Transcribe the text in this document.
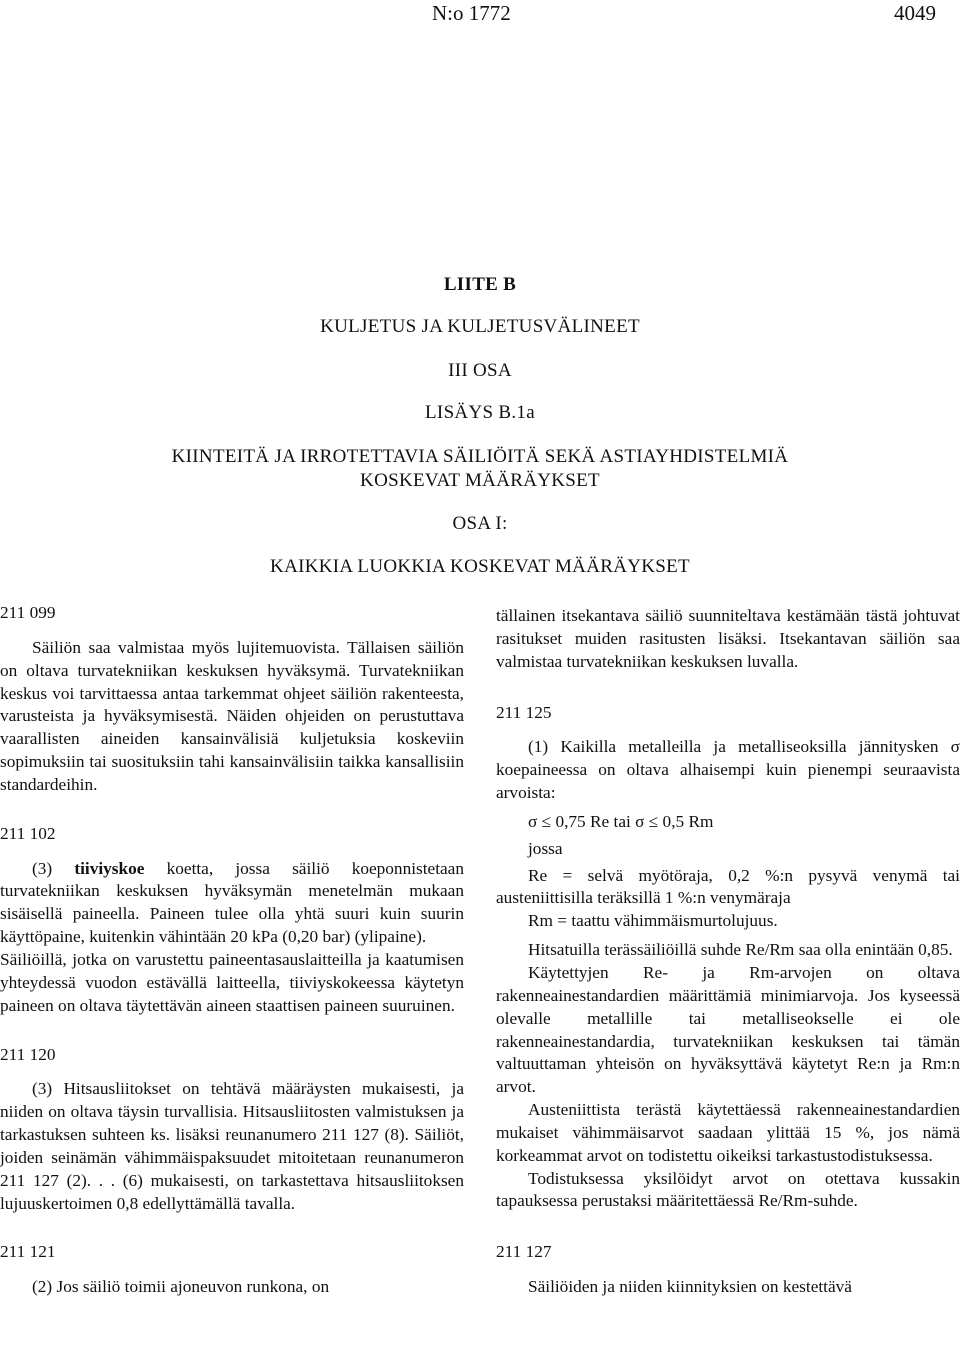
N:o 1772	4049
LIITE B
KULJETUS JA KULJETUSVÄLINEET
III OSA
LISÄYS B.1a
KIINTEITÄ JA IRROTETTAVIA SÄILIÖITÄ SEKÄ ASTIAYHDISTELMIÄ
KOSKEVAT MÄÄRÄYKSET
OSA I:
KAIKKIA LUOKKIA KOSKEVAT MÄÄRÄYKSET

211 099

Säiliön saa valmistaa myös lujitemuovista. Tällaisen säiliön on oltava turvatekniikan keskuksen hyväksymä. Turvatekniikan keskus voi tarvittaessa antaa tarkemmat ohjeet säiliön rakenteesta, varusteista ja hyväksymisestä. Näiden ohjeiden on perustuttava vaarallisten aineiden kansainvälisiä kuljetuksia koskeviin sopimuksiin tai suosituksiin tahi kansainvälisiin taikka kansallisiin standardeihin.

211 102

(3) tiiviyskoe koetta, jossa säiliö koeponnistetaan turvatekniikan keskuksen hyväksymän menetelmän mukaan sisäisellä paineella. Paineen tulee olla yhtä suuri kuin suurin käyttöpaine, kuitenkin vähintään 20 kPa (0,20 bar) (ylipaine).

Säiliöillä, jotka on varustettu paineentasauslaitteilla ja kaatumisen yhteydessä vuodon estävällä laitteella, tiiviyskokeessa käytetyn paineen on oltava täytettävän aineen staattisen paineen suuruinen.

211 120

(3) Hitsausliitokset on tehtävä määräysten mukaisesti, ja niiden on oltava täysin turvallisia. Hitsausliitosten valmistuksen ja tarkastuksen suhteen ks. lisäksi reunanumero 211 127 (8). Säiliöt, joiden seinämän vähimmäispaksuudet mitoitetaan reunanumeron 211 127 (2). . . (6) mukaisesti, on tarkastettava hitsausliitoksen lujuuskertoimen 0,8 edellyttämällä tavalla.

211 121

(2) Jos säiliö toimii ajoneuvon runkona, on

tällainen itsekantava säiliö suunniteltava kestämään tästä johtuvat rasitukset muiden rasitusten lisäksi. Itsekantavan säiliön saa valmistaa turvatekniikan keskuksen luvalla.

211 125

(1) Kaikilla metalleilla ja metalliseoksilla jännitysken σ koepaineessa on oltava alhaisempi kuin pienempi seuraavista arvoista:

σ ≤ 0,75 Re tai σ ≤ 0,5 Rm

jossa

Re = selvä myötöraja, 0,2 %:n pysyvä venymä tai austeniittisilla teräksillä 1 %:n venymäraja

Rm = taattu vähimmäismurtolujuus.

Hitsatuilla terässäiliöillä suhde Re/Rm saa olla enintään 0,85.

Käytettyjen Re- ja Rm-arvojen on oltava rakenneainestandardien määrittämiä minimiarvoja. Jos kyseessä olevalle metallille tai metalliseokselle ei ole rakenneainestandardia, turvatekniikan keskuksen tai tämän valtuuttaman yhteisön on hyväksyttävä käytetyt Re:n ja Rm:n arvot.

Austeniittista terästä käytettäessä rakenneainestandardien mukaiset vähimmäisarvot saadaan ylittää 15 %, jos nämä korkeammat arvot on todistettu oikeiksi tarkastustodistuksessa.

Todistuksessa yksilöidyt arvot on otettava kussakin tapauksessa perustaksi määritettäessä Re/Rm-suhde.

211 127

Säiliöiden ja niiden kiinnityksien on kestettävä
